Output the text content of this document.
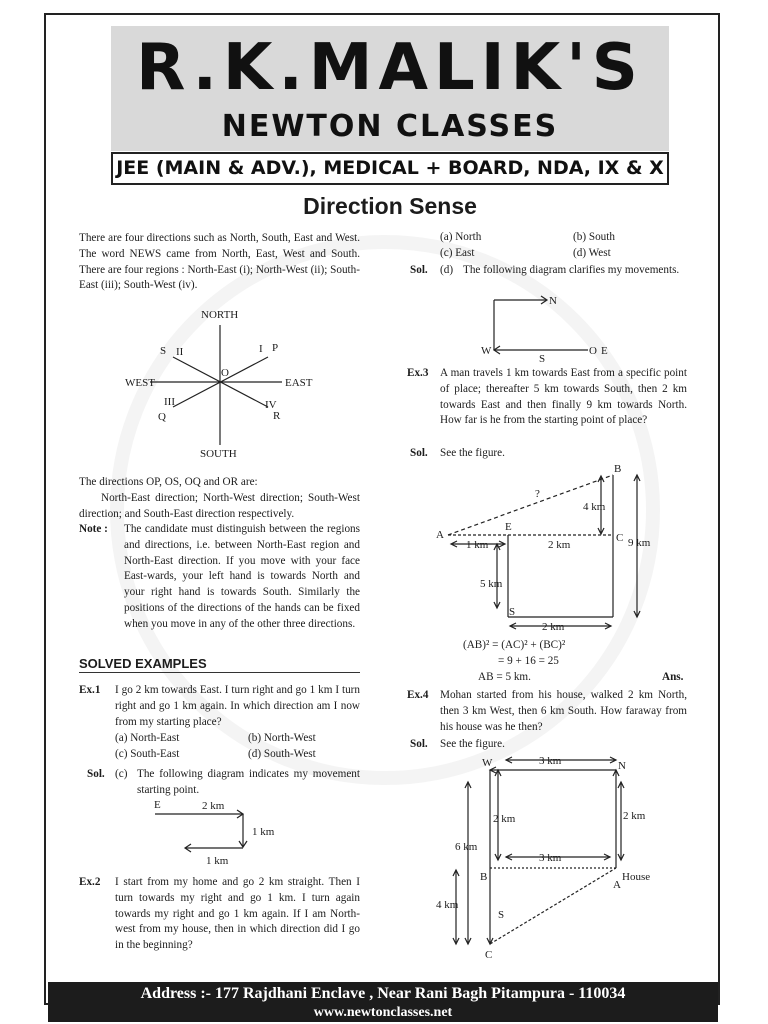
R.K.MALIK'S
NEWTON CLASSES
JEE (MAIN & ADV.), MEDICAL + BOARD, NDA, IX & X
Direction Sense
There are four directions such as North, South, East and West. The word NEWS came from North, East, West and South. There are four regions : North-East (i); North-West (ii); South-East (iii); South-West (iv).
NORTH
SOUTH
EAST
WEST
O
P
S
Q	R
I
II
III	IV
The directions OP, OS, OQ and OR are:
North-East direction; North-West direction; South-West direction; and South-East direction respectively.
Note : The candidate must distinguish between the regions and directions, i.e. between North-East region and North-East direction. If you move with your face East-wards, your left hand is towards North and your right hand is towards South. Similarly the positions of the directions of the hands can be fixed when you move in any of the other three directions.
SOLVED EXAMPLES
Ex.1 I go 2 km towards East. I turn right and go 1 km I turn right and go 1 km again. In which direction am I now from my starting place?
(a) North-East	(b) North-West
(c) South-East	(d) South-West
Sol. (c) The following diagram indicates my movement starting point.
E	2 km
1 km
1 km
Ex.2 I start from my home and go 2 km straight. Then I turn towards my right and go 1 km. I turn again towards my right and go 1 km again. If I am North-west from my house, then in which direction did I go in the beginning?
(a) North	(b) South
(c) East	(d) West
Sol. (d) The following diagram clarifies my movements.
N
W
S
O E
Ex.3 A man travels 1 km towards East from a specific point of place; thereafter 5 km towards South, then 2 km towards East and then finally 9 km towards North. How far is he from the starting point of place?
Sol. See the figure.
A
B
C
E
S
?
4 km
1 km	2 km
5 km
2 km
9 km
(AB)² = (AC)² + (BC)²
= 9 + 16 = 25
AB = 5 km.	Ans.
Ex.4 Mohan started from his house, walked 2 km North, then 3 km West, then 6 km South. How faraway from his house was he then?
Sol. See the figure.
W	N
B
A
House
C
S
3 km
2 km	2 km
3 km
6 km
4 km
Address :- 177 Rajdhani Enclave , Near Rani Bagh Pitampura - 110034
www.newtonclasses.net
